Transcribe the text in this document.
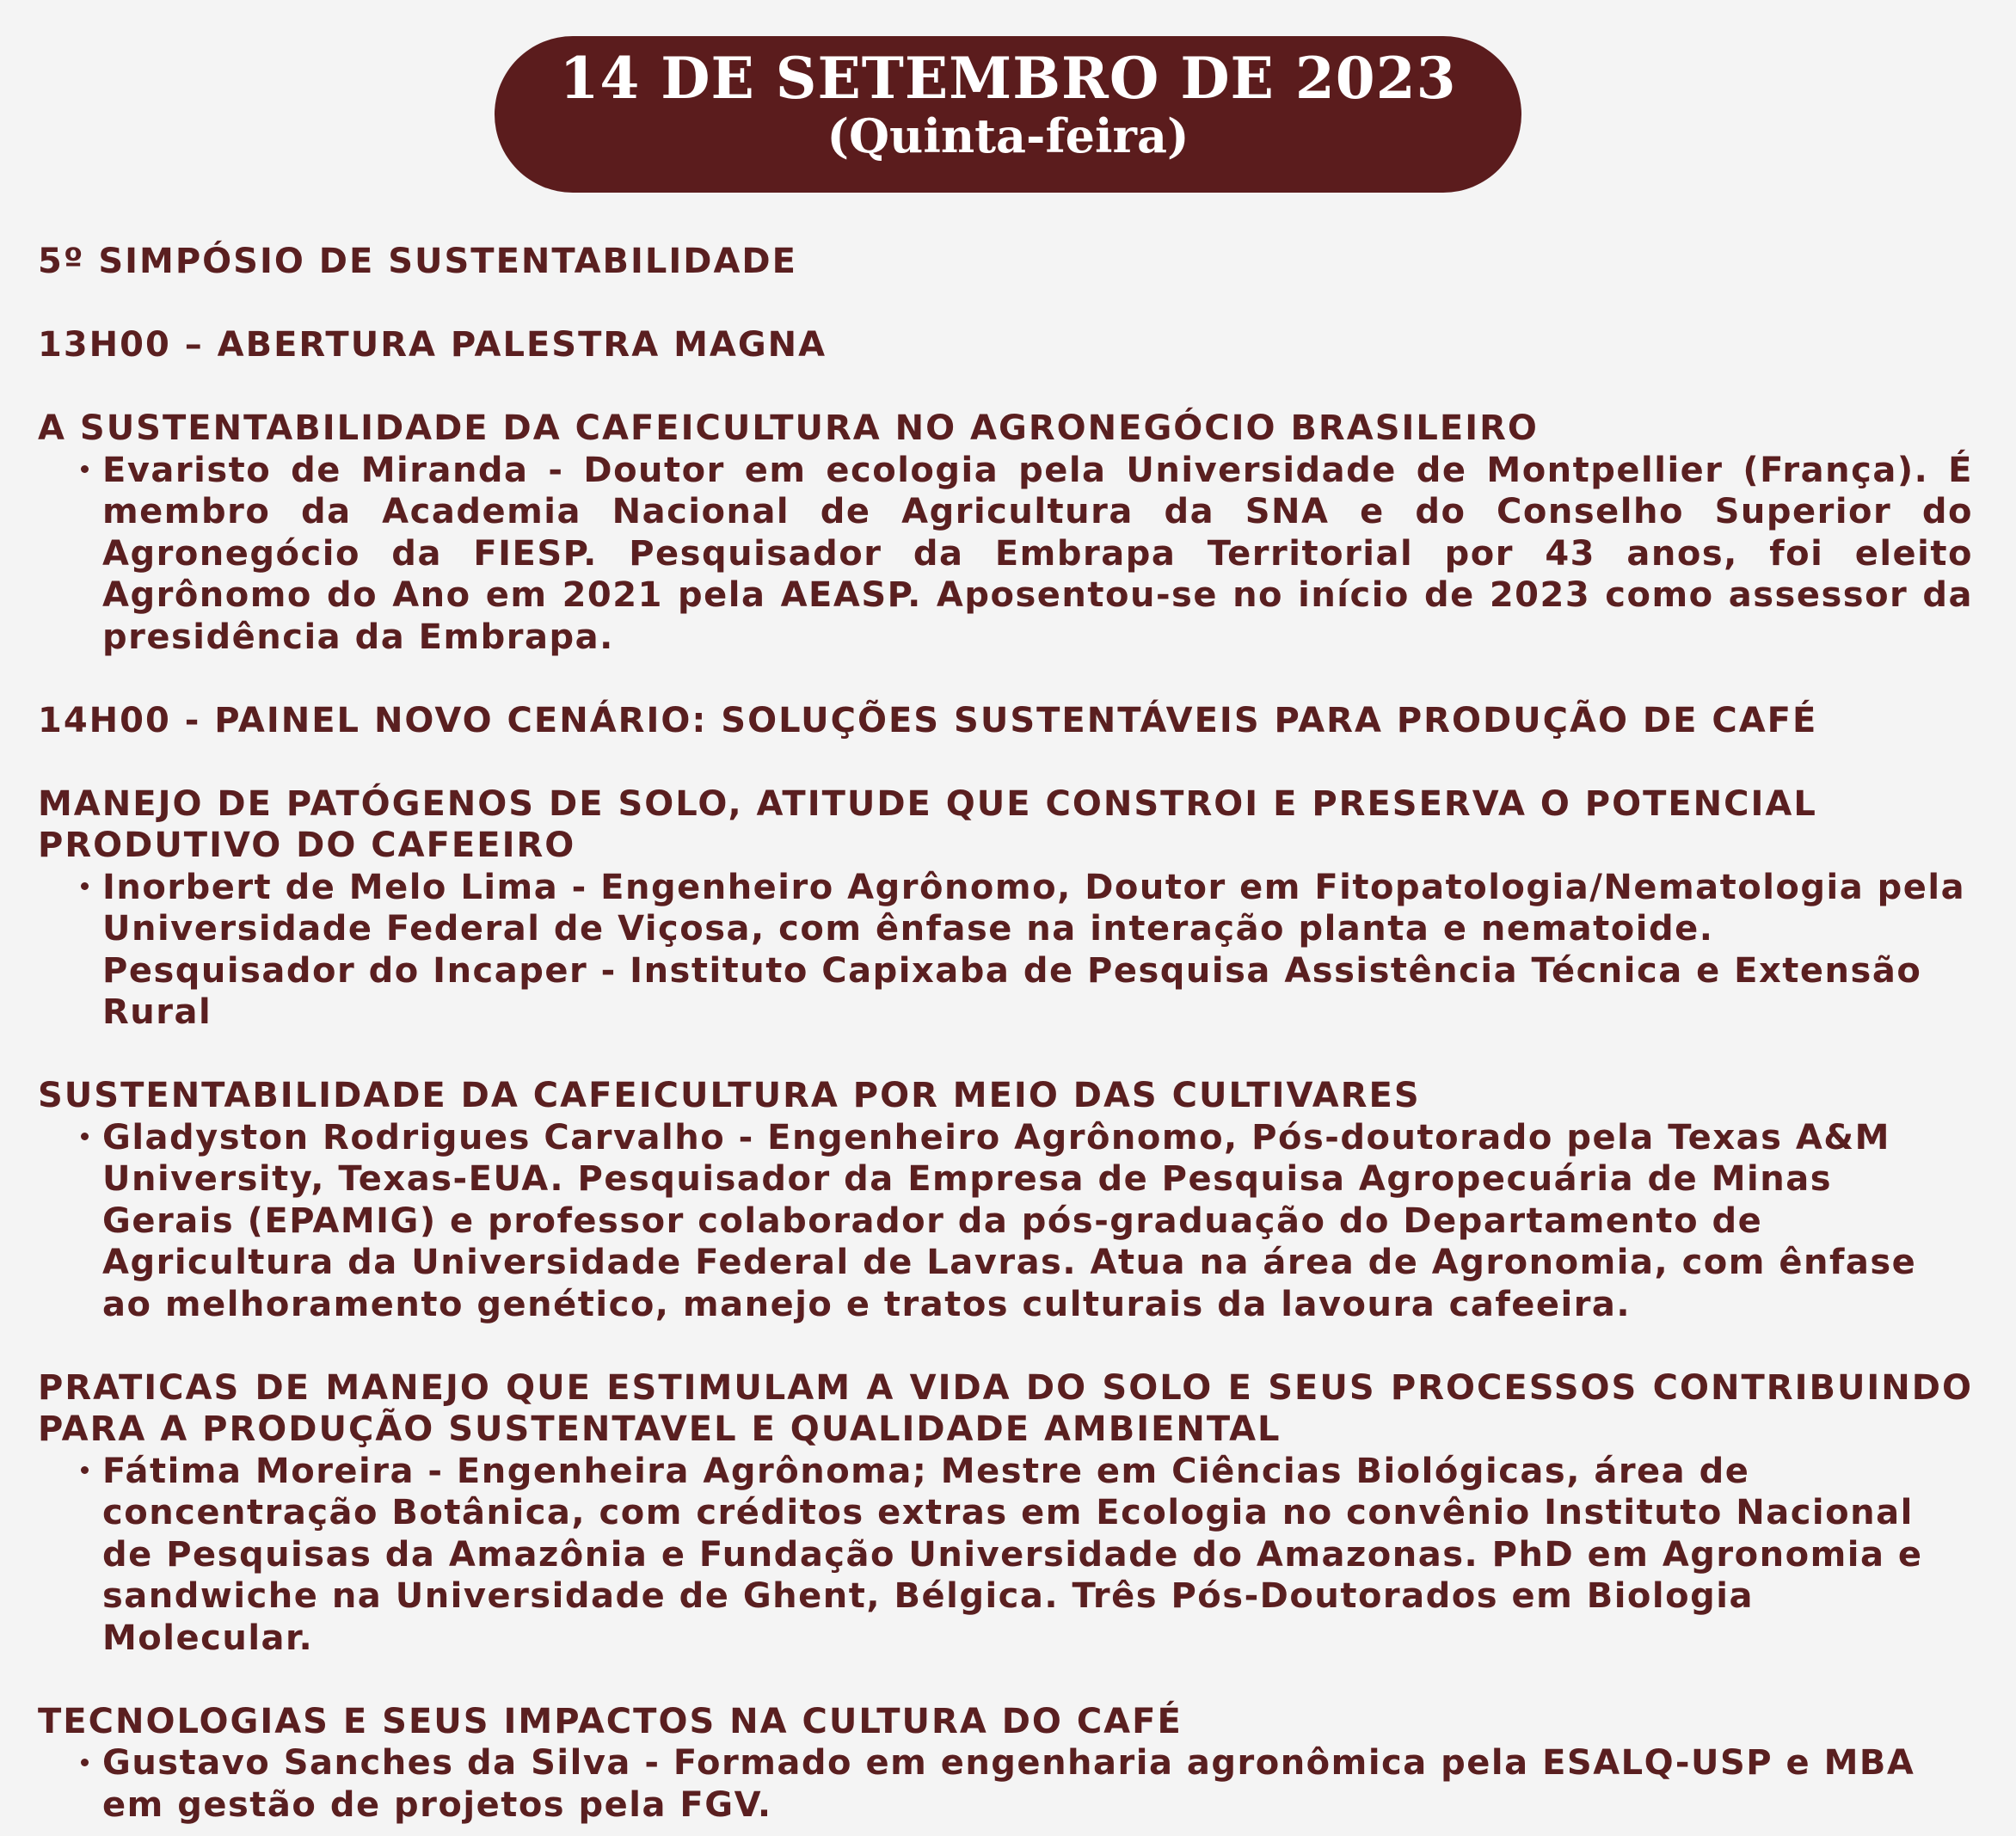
14 DE SETEMBRO DE 2023
(Quinta-feira)

5º SIMPÓSIO DE SUSTENTABILIDADE

13H00 – ABERTURA PALESTRA MAGNA

A SUSTENTABILIDADE DA CAFEICULTURA NO AGRONEGÓCIO BRASILEIRO

Evaristo de Miranda - Doutor em ecologia pela Universidade de Montpellier (França). É membro da Academia Nacional de Agricultura da SNA e do Conselho Superior do Agronegócio da FIESP. Pesquisador da Embrapa Territorial por 43 anos, foi eleito Agrônomo do Ano em 2021 pela AEASP. Aposentou-se no início de 2023 como assessor da presidência da Embrapa.

14H00 - PAINEL NOVO CENÁRIO: SOLUÇÕES SUSTENTÁVEIS PARA PRODUÇÃO DE CAFÉ

MANEJO DE PATÓGENOS DE SOLO, ATITUDE QUE CONSTROI E PRESERVA O POTENCIAL PRODUTIVO DO CAFEEIRO

Inorbert de Melo Lima - Engenheiro Agrônomo, Doutor em Fitopatologia/Nematologia pela Universidade Federal de Viçosa, com ênfase na interação planta e nematoide. Pesquisador do Incaper - Instituto Capixaba de Pesquisa Assistência Técnica e Extensão Rural

SUSTENTABILIDADE DA CAFEICULTURA POR MEIO DAS CULTIVARES

Gladyston Rodrigues Carvalho - Engenheiro Agrônomo, Pós-doutorado pela Texas A&M University, Texas-EUA. Pesquisador da Empresa de Pesquisa Agropecuária de Minas Gerais (EPAMIG) e professor colaborador da pós-graduação do Departamento de Agricultura da Universidade Federal de Lavras. Atua na área de Agronomia, com ênfase ao melhoramento genético, manejo e tratos culturais da lavoura cafeeira.

PRATICAS DE MANEJO QUE ESTIMULAM A VIDA DO SOLO E SEUS PROCESSOS CONTRIBUINDO PARA A PRODUÇÃO SUSTENTAVEL E QUALIDADE AMBIENTAL

Fátima Moreira - Engenheira Agrônoma; Mestre em Ciências Biológicas, área de concentração Botânica, com créditos extras em Ecologia no convênio Instituto Nacional de Pesquisas da Amazônia e Fundação Universidade do Amazonas. PhD em Agronomia e sandwiche na Universidade de Ghent, Bélgica. Três Pós-Doutorados em Biologia Molecular.

TECNOLOGIAS E SEUS IMPACTOS NA CULTURA DO CAFÉ

Gustavo Sanches da Silva - Formado em engenharia agronômica pela ESALQ-USP e MBA em gestão de projetos pela FGV.
